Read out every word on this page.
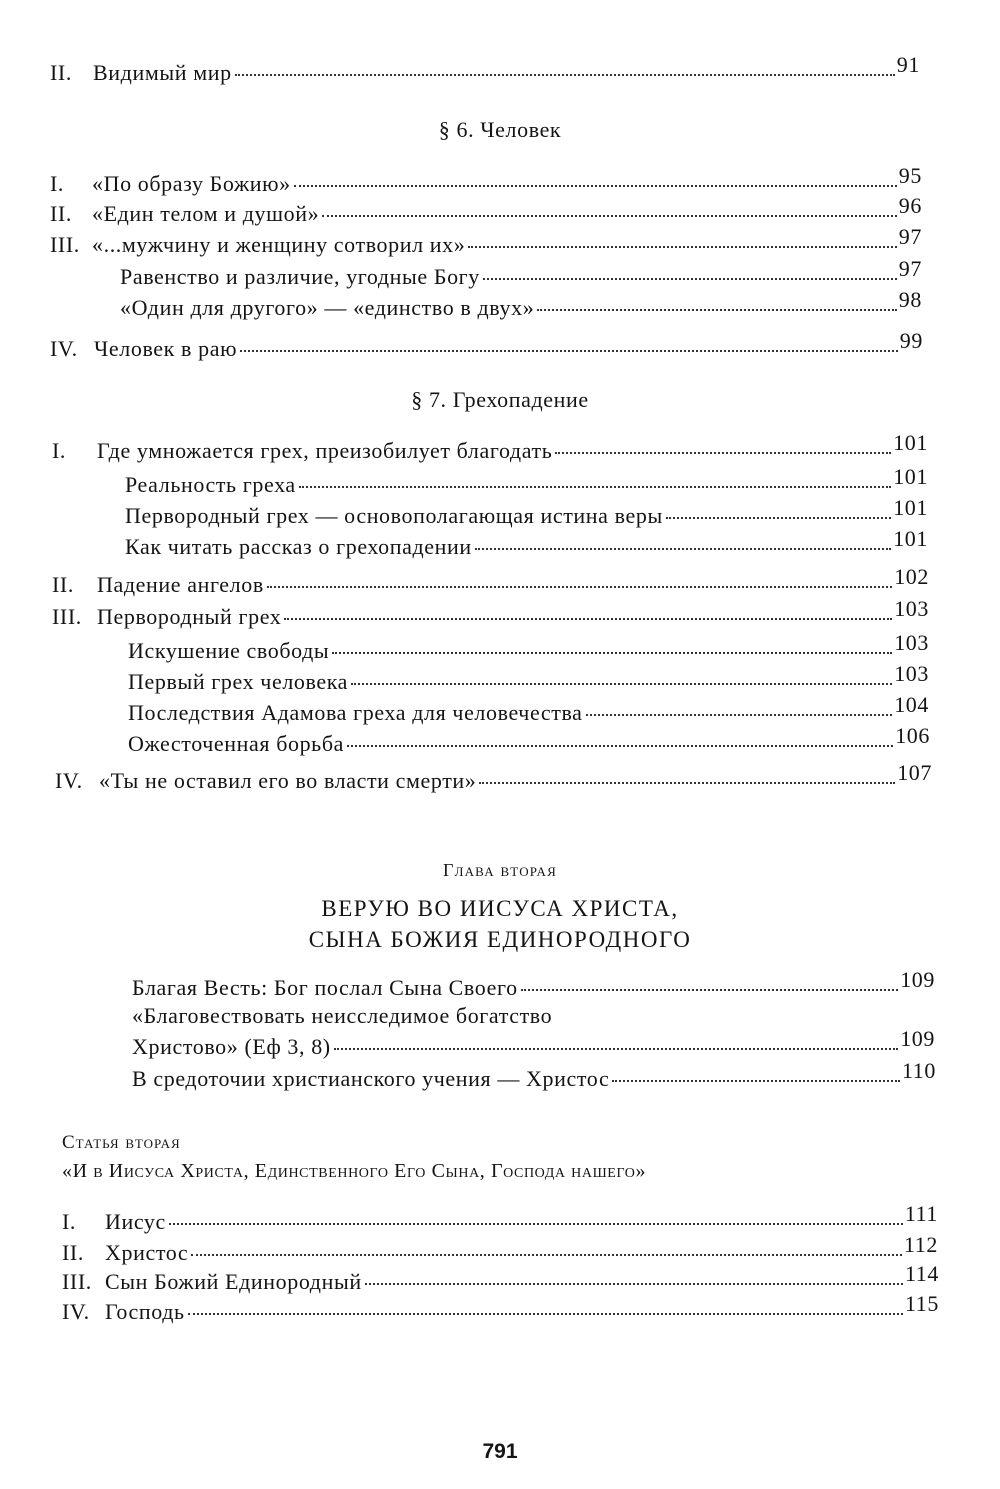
II. Видимый мир	91
§ 6. Человек
I.	«По образу Божию»	95
II. «Един телом и душой»	96
III. «...мужчину и женщину сотворил их»	97
Равенство и различие, угодные Богу	97
«Один для другого» — «единство в двух»	98
IV. Человек в раю	99
§ 7. Грехопадение
I.	Где умножается грех, преизобилует благодать	101
Реальность греха	101
Первородный грех — основополагающая истина веры	101
Как читать рассказ о грехопадении	101
II.	Падение ангелов	102
III. Первородный грех	103
Искушение свободы	103
Первый грех человека	103
Последствия Адамова греха для человечества	104
Ожесточенная борьба	106
IV. «Ты не оставил его во власти смерти»	107
Глава вторая
ВЕРУЮ ВО ИИСУСА ХРИСТА,
СЫНА БОЖИЯ ЕДИНОРОДНОГО
Благая Весть: Бог послал Сына Своего	109
«Благовествовать неисследимое богатство
Христово» (Еф 3, 8)	109
В средоточии христианского учения — Христос	110
Статья вторая
«И в Иисуса Христа, Единственного Его Сына, Господа нашего»
I.	Иисус	111
II. Христос	112
III. Сын Божий Единородный	114
IV. Господь	115
791
